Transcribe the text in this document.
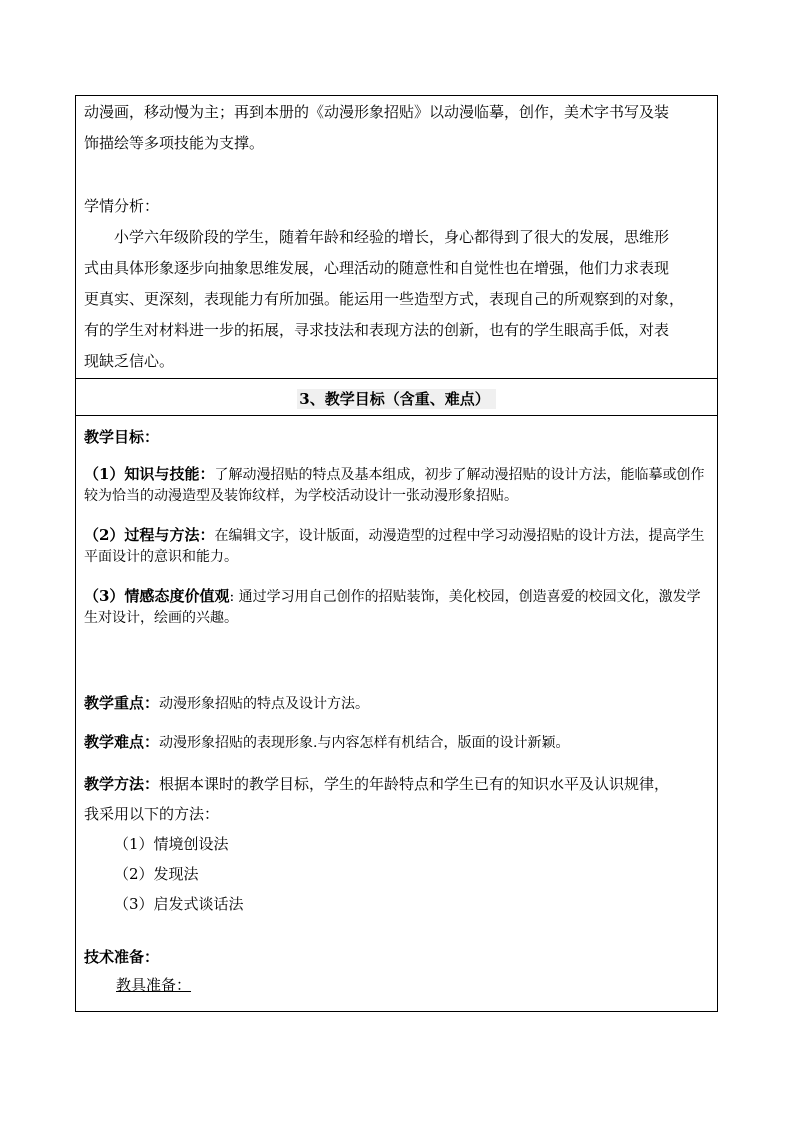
动漫画，移动慢为主；再到本册的《动漫形象招贴》以动漫临摹，创作，美术字书写及装

饰描绘等多项技能为支撑。

学情分析：

小学六年级阶段的学生，随着年龄和经验的增长，身心都得到了很大的发展，思维形

式由具体形象逐步向抽象思维发展，心理活动的随意性和自觉性也在增强，他们力求表现

更真实、更深刻，表现能力有所加强。能运用一些造型方式，表现自己的所观察到的对象，

有的学生对材料进一步的拓展，寻求技法和表现方法的创新，也有的学生眼高手低，对表

现缺乏信心。

3、教学目标（含重、难点）

教学目标：

（1）知识与技能：了解动漫招贴的特点及基本组成，初步了解动漫招贴的设计方法，能临摹或创作

较为恰当的动漫造型及装饰纹样，为学校活动设计一张动漫形象招贴。

（2）过程与方法：在编辑文字，设计版面，动漫造型的过程中学习动漫招贴的设计方法，提高学生

平面设计的意识和能力。

（3）情感态度价值观: 通过学习用自己创作的招贴装饰，美化校园，创造喜爱的校园文化，激发学

生对设计，绘画的兴趣。

教学重点：动漫形象招贴的特点及设计方法。

教学难点：动漫形象招贴的表现形象.与内容怎样有机结合，版面的设计新颖。

教学方法：根据本课时的教学目标，学生的年龄特点和学生已有的知识水平及认识规律，

我采用以下的方法：

（1）情境创设法

（2）发现法

（3）启发式谈话法

技术准备：

教具准备：
